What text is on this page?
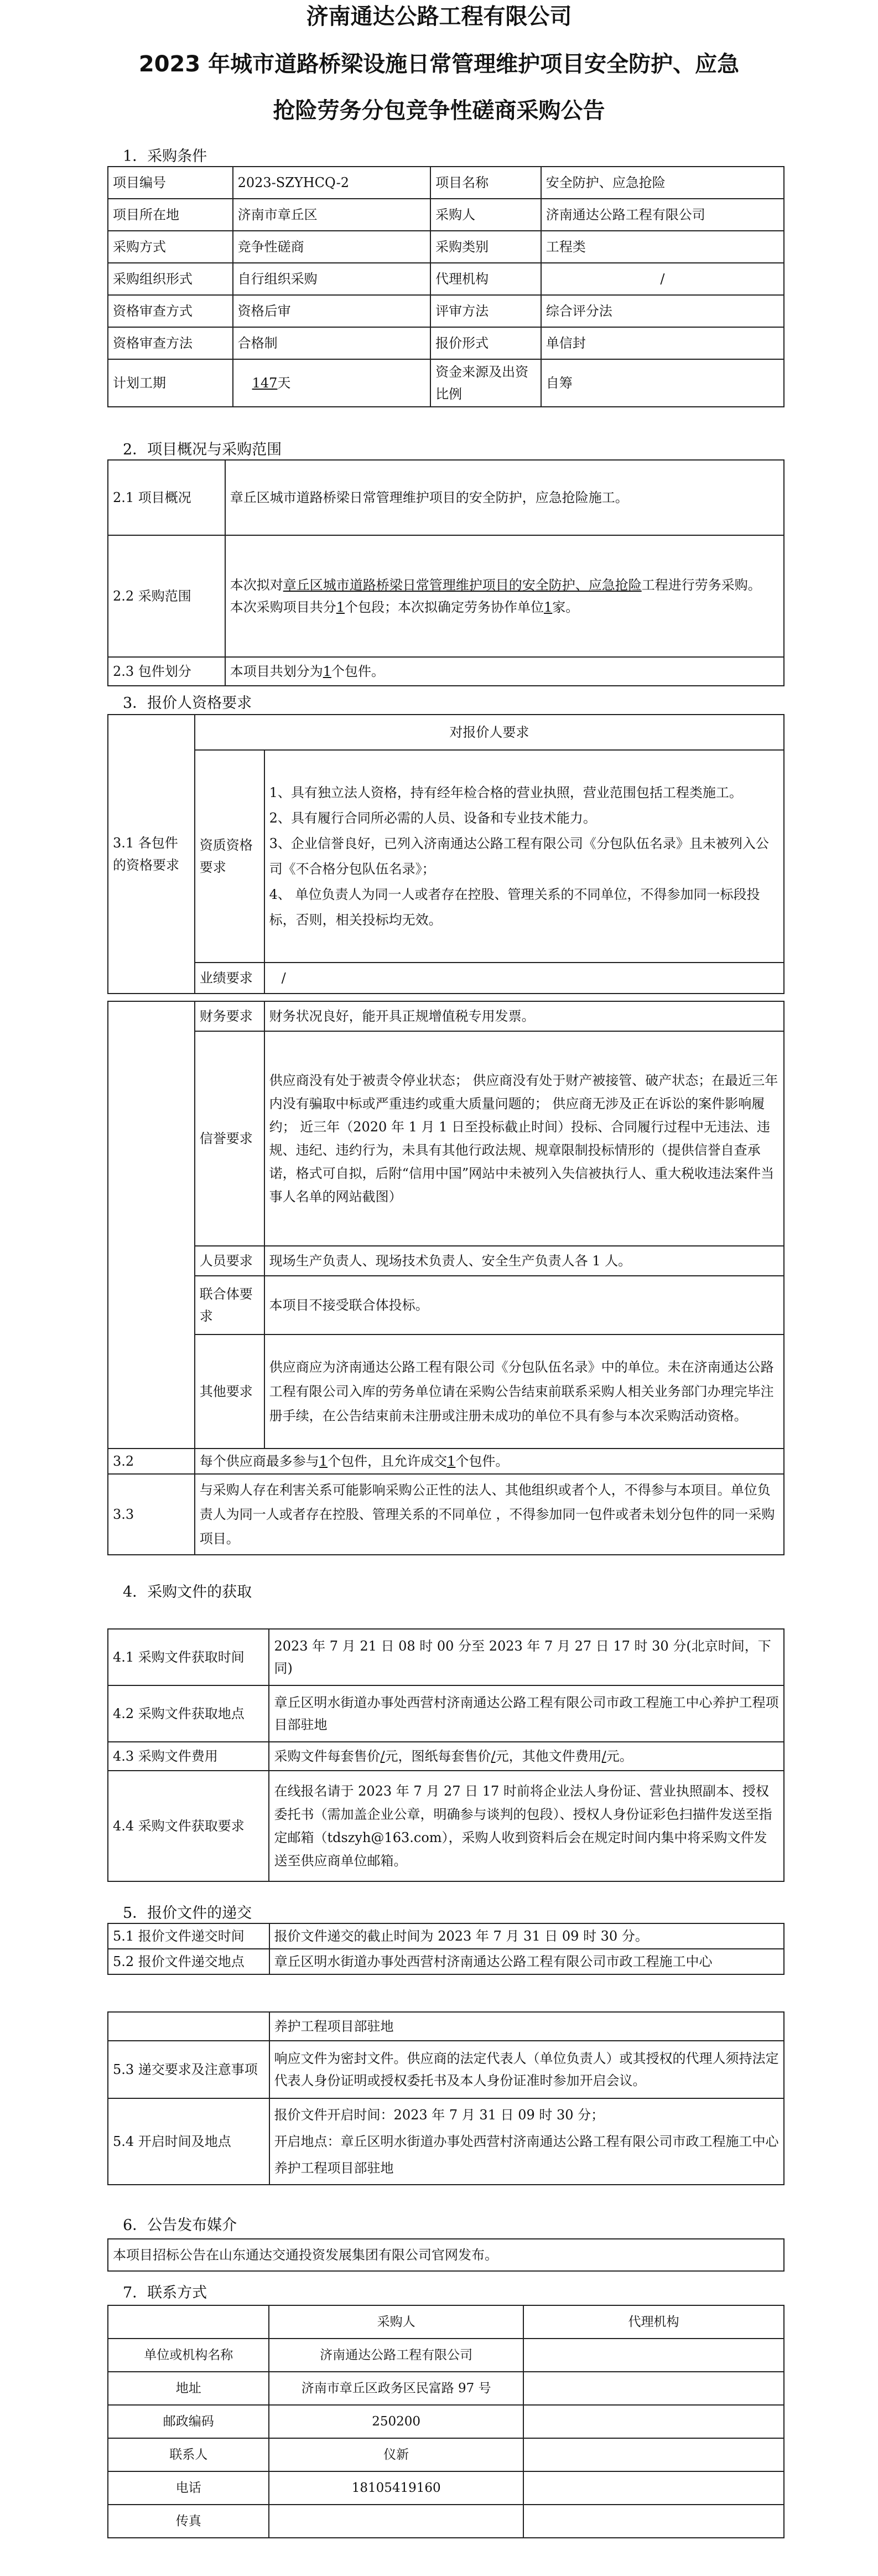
济南通达公路工程有限公司
2023 年城市道路桥梁设施日常管理维护项目安全防护、应急
抢险劳务分包竞争性磋商采购公告
1．采购条件
项目编号	2023-SZYHCQ-2	项目名称	安全防护、应急抢险
项目所在地	济南市章丘区	采购人	济南通达公路工程有限公司
采购方式	竞争性磋商	采购类别	工程类
采购组织形式	自行组织采购	代理机构	/
资格审查方式	资格后审	评审方法	综合评分法
资格审查方法	合格制	报价形式	单信封
计划工期	147天	资金来源及出资比例	自筹
2．项目概况与采购范围
2.1 项目概况	章丘区城市道路桥梁日常管理维护项目的安全防护，应急抢险施工。
2.2 采购范围	本次拟对章丘区城市道路桥梁日常管理维护项目的安全防护、应急抢险工程进行劳务采购。
本次采购项目共分1个包段；本次拟确定劳务协作单位1家。
2.3 包件划分	本项目共划分为1个包件。
3．报价人资格要求
3.1 各包件的资格要求	对报价人要求	
	资质资格要求	1、具有独立法人资格，持有经年检合格的营业执照，营业范围包括工程类施工。
2、具有履行合同所必需的人员、设备和专业技术能力。
3、企业信誉良好，已列入济南通达公路工程有限公司《分包队伍名录》且未被列入公司《不合格分包队伍名录》；
4、 单位负责人为同一人或者存在控股、管理关系的不同单位，不得参加同一标段投标，否则，相关投标均无效。

	业绩要求	/
	财务要求	财务状况良好，能开具正规增值税专用发票。
	信誉要求	供应商没有处于被责令停业状态； 供应商没有处于财产被接管、破产状态；在最近三年内没有骗取中标或严重违约或重大质量问题的； 供应商无涉及正在诉讼的案件影响履约； 近三年（2020 年 1 月 1 日至投标截止时间）投标、合同履行过程中无违法、违规、违纪、违约行为，未具有其他行政法规、规章限制投标情形的（提供信誉自查承诺，格式可自拟，后附“信用中国”网站中未被列入失信被执行人、重大税收违法案件当事人名单的网站截图）
	人员要求	现场生产负责人、现场技术负责人、安全生产负责人各 1 人。
	联合体要求	本项目不接受联合体投标。
	其他要求	供应商应为济南通达公路工程有限公司《分包队伍名录》中的单位。未在济南通达公路工程有限公司入库的劳务单位请在采购公告结束前联系采购人相关业务部门办理完毕注册手续，在公告结束前未注册或注册未成功的单位不具有参与本次采购活动资格。
3.2	每个供应商最多参与1个包件，且允许成交1个包件。	
3.3	与采购人存在利害关系可能影响采购公正性的法人、其他组织或者个人，不得参与本项目。单位负责人为同一人或者存在控股、管理关系的不同单位 ，不得参加同一包件或者未划分包件的同一采购项目。	
4．采购文件的获取
4.1 采购文件获取时间	2023 年 7 月 21 日 08 时 00 分至 2023 年 7 月 27 日 17 时 30 分(北京时间，下同)
4.2 采购文件获取地点	章丘区明水街道办事处西营村济南通达公路工程有限公司市政工程施工中心养护工程项目部驻地
4.3 采购文件费用	采购文件每套售价/元，图纸每套售价/元，其他文件费用/元。
4.4 采购文件获取要求	在线报名请于 2023 年 7 月 27 日 17 时前将企业法人身份证、营业执照副本、授权委托书（需加盖企业公章，明确参与谈判的包段）、授权人身份证彩色扫描件发送至指定邮箱（tdszyh@163.com），采购人收到资料后会在规定时间内集中将采购文件发送至供应商单位邮箱。
5．报价文件的递交
5.1 报价文件递交时间	报价文件递交的截止时间为 2023 年 7 月 31 日 09 时 30 分。
5.2 报价文件递交地点	章丘区明水街道办事处西营村济南通达公路工程有限公司市政工程施工中心
	养护工程项目部驻地
5.3 递交要求及注意事项	响应文件为密封文件。供应商的法定代表人（单位负责人）或其授权的代理人须持法定代表人身份证明或授权委托书及本人身份证准时参加开启会议。
5.4 开启时间及地点	报价文件开启时间：2023 年 7 月 31 日 09 时 30 分；
开启地点：章丘区明水街道办事处西营村济南通达公路工程有限公司市政工程施工中心养护工程项目部驻地
6．公告发布媒介
本项目招标公告在山东通达交通投资发展集团有限公司官网发布。
7．联系方式
	采购人	代理机构
单位或机构名称	济南通达公路工程有限公司	
地址	济南市章丘区政务区民富路 97 号	
邮政编码	250200	
联系人	仪新	
电话	18105419160	
传真		
